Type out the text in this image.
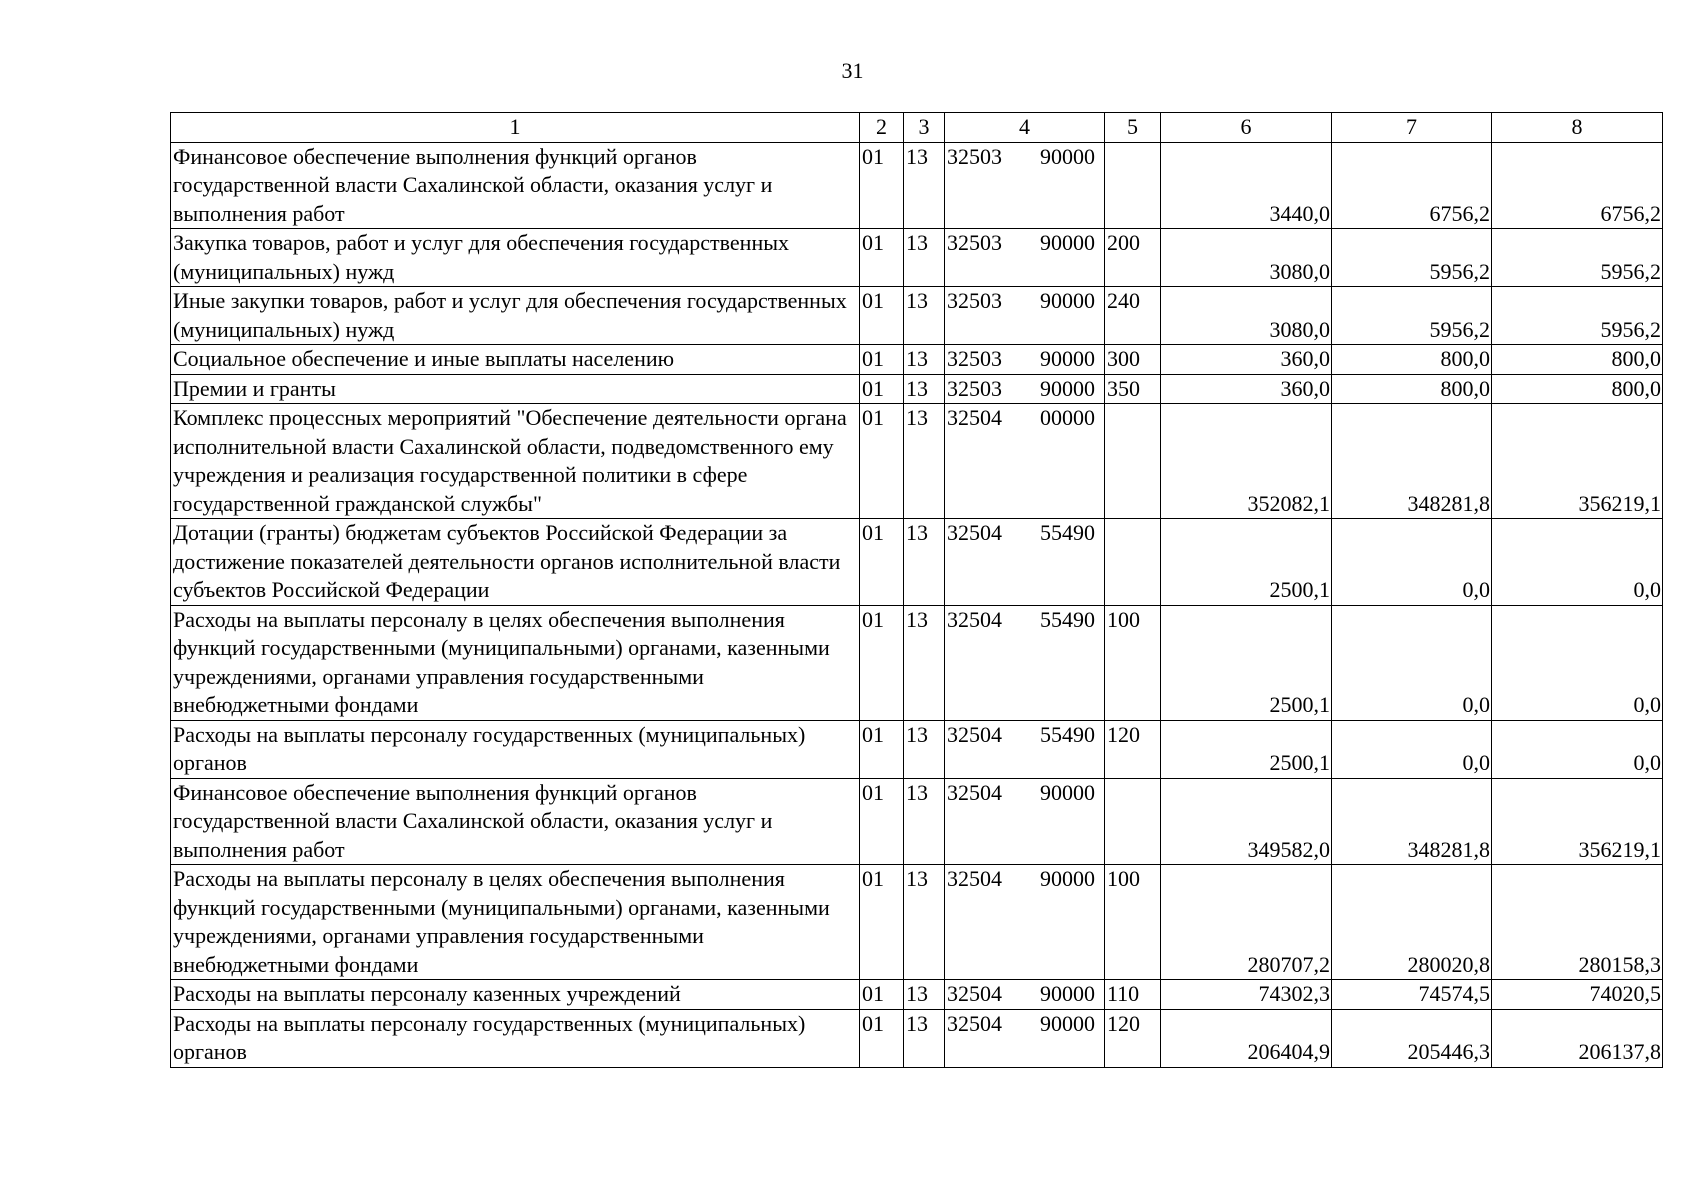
31
1	2	3	4	5	6	7	8
Финансовое обеспечение выполнения функций органов государственной власти Сахалинской области, оказания услуг и выполнения работ	01	13	32503 90000		3440,0	6756,2	6756,2
Закупка товаров, работ и услуг для обеспечения государственных (муниципальных) нужд	01	13	32503 90000	200	3080,0	5956,2	5956,2
Иные закупки товаров, работ и услуг для обеспечения государственных (муниципальных) нужд	01	13	32503 90000	240	3080,0	5956,2	5956,2
Социальное обеспечение и иные выплаты населению	01	13	32503 90000	300	360,0	800,0	800,0
Премии и гранты	01	13	32503 90000	350	360,0	800,0	800,0
Комплекс процессных мероприятий "Обеспечение деятельности органа исполнительной власти Сахалинской области, подведомственного ему учреждения и реализация государственной политики в сфере государственной гражданской службы"	01	13	32504 00000		352082,1	348281,8	356219,1
Дотации (гранты) бюджетам субъектов Российской Федерации за достижение показателей деятельности органов исполнительной власти субъектов Российской Федерации	01	13	32504 55490		2500,1	0,0	0,0
Расходы на выплаты персоналу в целях обеспечения выполнения функций государственными (муниципальными) органами, казенными учреждениями, органами управления государственными внебюджетными фондами	01	13	32504 55490	100	2500,1	0,0	0,0
Расходы на выплаты персоналу государственных (муниципальных) органов	01	13	32504 55490	120	2500,1	0,0	0,0
Финансовое обеспечение выполнения функций органов государственной власти Сахалинской области, оказания услуг и выполнения работ	01	13	32504 90000		349582,0	348281,8	356219,1
Расходы на выплаты персоналу в целях обеспечения выполнения функций государственными (муниципальными) органами, казенными учреждениями, органами управления государственными внебюджетными фондами	01	13	32504 90000	100	280707,2	280020,8	280158,3
Расходы на выплаты персоналу казенных учреждений	01	13	32504 90000	110	74302,3	74574,5	74020,5
Расходы на выплаты персоналу государственных (муниципальных) органов	01	13	32504 90000	120	206404,9	205446,3	206137,8
